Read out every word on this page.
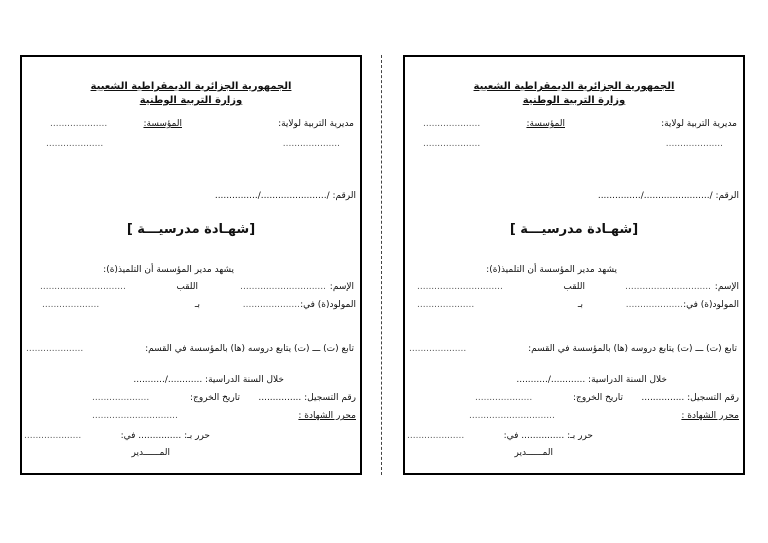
الجمهورية الجزائرية الديمقراطية الشعبية
وزارة التربية الوطنية
مديرية التربية لولاية:
المؤسسة:
....................
....................
....................
الرقم: /......................./...............
[شهـادة مدرسيـــة ]
يشهد مدير المؤسسة أن التلميذ(ة):
الإسم:
..............................
اللقب
..............................
المولود(ة) في:
....................
بـ
....................
تابع (ت) ـــ (ت) يتابع دروسه (ها) بالمؤسسة في القسم:
....................
خلال السنة الدراسية: ............/...........
رقم التسجيل: ...............
تاريخ الخروج:
....................
محرر الشهادة :
..............................
حرر بـ: ............... في:
....................
المــــــدير
الجمهورية الجزائرية الديمقراطية الشعبية
وزارة التربية الوطنية
مديرية التربية لولاية:
المؤسسة:
....................
....................
....................
الرقم: /......................./...............
[شهـادة مدرسيـــة ]
يشهد مدير المؤسسة أن التلميذ(ة):
الإسم:
..............................
اللقب
..............................
المولود(ة) في:
....................
بـ
....................
تابع (ت) ـــ (ت) يتابع دروسه (ها) بالمؤسسة في القسم:
....................
خلال السنة الدراسية: ............/...........
رقم التسجيل: ...............
تاريخ الخروج:
....................
محرر الشهادة :
..............................
حرر بـ: ............... في:
....................
المــــــدير
